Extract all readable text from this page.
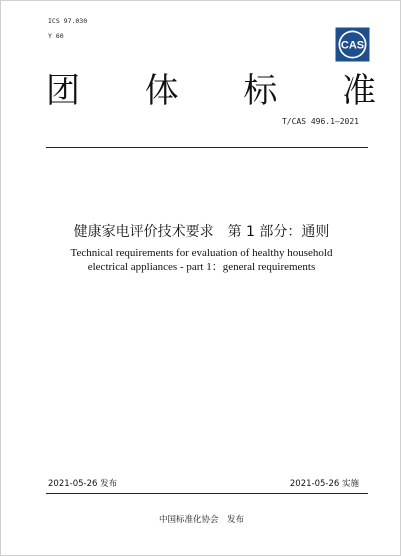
ICS 97.030
Y 60
CAS
团 体 标 准
T/CAS 496.1—2021
健康家电评价技术要求　第 1 部分：通则
Technical requirements for evaluation of healthy household
electrical appliances - part 1：general requirements
2021-05-26 发布	2021-05-26 实施
中国标准化协会　发布
